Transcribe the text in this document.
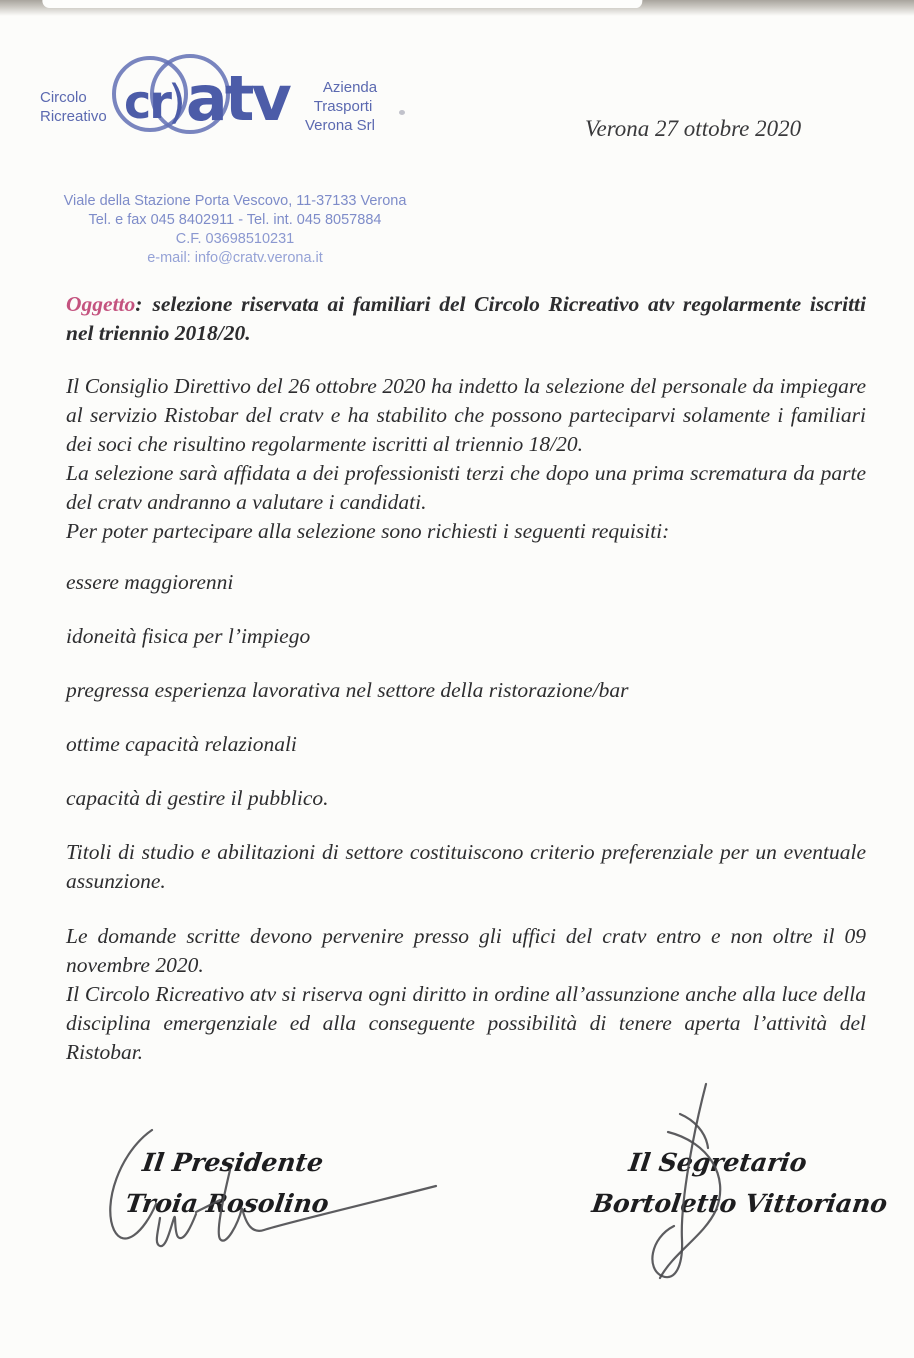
Circolo
Ricreativo cr)atv	Azienda
Trasporti
Verona Srl
Viale della Stazione Porta Vescovo, 11-37133 Verona
Tel. e fax 045 8402911 - Tel. int. 045 8057884
C.F. 03698510231
e-mail: info@cratv.verona.it
Verona 27 ottobre 2020

Oggetto: selezione riservata ai familiari del Circolo Ricreativo atv regolarmente iscritti nel triennio 2018/20.

Il Consiglio Direttivo del 26 ottobre 2020 ha indetto la selezione del personale da impiegare al servizio Ristobar del cratv e ha stabilito che possono parteciparvi solamente i familiari dei soci che risultino regolarmente iscritti al triennio 18/20.

La selezione sarà affidata a dei professionisti terzi che dopo una prima scrematura da parte del cratv andranno a valutare i candidati.

Per poter partecipare alla selezione sono richiesti i seguenti requisiti:

essere maggiorenni

idoneità fisica per l’impiego

pregressa esperienza lavorativa nel settore della ristorazione/bar

ottime capacità relazionali

capacità di gestire il pubblico.

Titoli di studio e abilitazioni di settore costituiscono criterio preferenziale per un eventuale assunzione.

Le domande scritte devono pervenire presso gli uffici del cratv entro e non oltre il 09 novembre 2020.

Il Circolo Ricreativo atv si riserva ogni diritto in ordine all’assunzione anche alla luce della disciplina emergenziale ed alla conseguente possibilità di tenere aperta l’attività del Ristobar.

Il Presidente
Troia Rosolino
Il Segretario
Bortoletto Vittoriano
